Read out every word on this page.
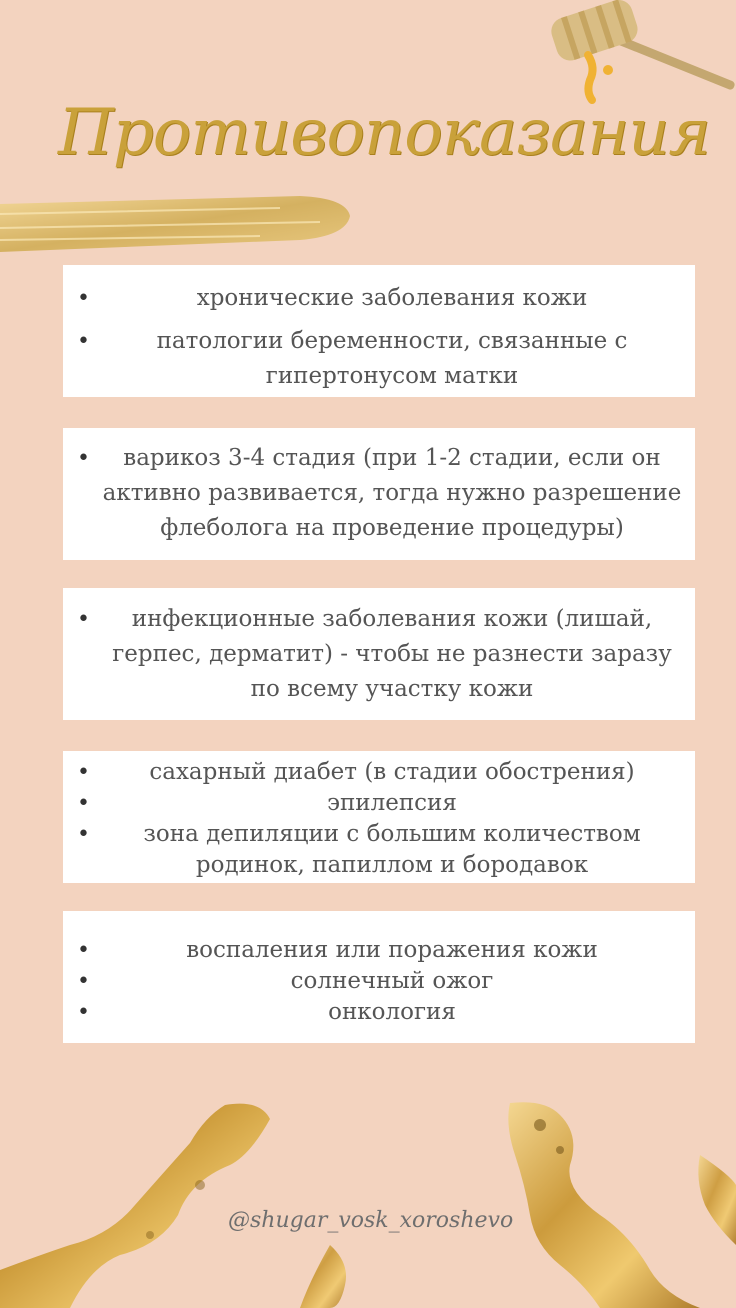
Противопоказания
• хронические заболевания кожи
• патологии беременности, связанные с гипертонусом матки
• варикоз 3-4 стадия (при 1-2 стадии, если он активно развивается, тогда нужно разрешение флеболога на проведение процедуры)
• инфекционные заболевания кожи (лишай, герпес, дерматит) - чтобы не разнести заразу по всему участку кожи
• сахарный диабет (в стадии обострения)
• эпилепсия
• зона депиляции с большим количеством родинок, папиллом и бородавок
• воспаления или поражения кожи
• солнечный ожог
• онкология
@shugar_vosk_xoroshevo
